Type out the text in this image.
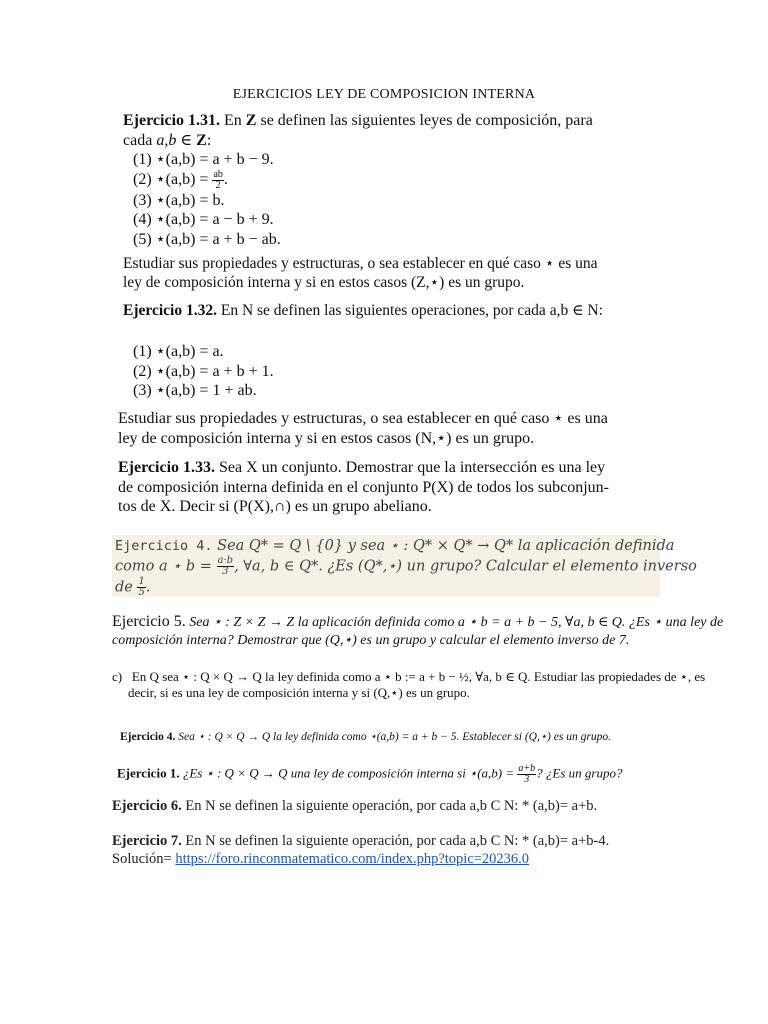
EJERCICIOS LEY DE COMPOSICION INTERNA
Ejercicio 1.31. En Z se definen las siguientes leyes de composición, para
cada a,b ∈ Z:
(1) ⋆(a,b) = a + b − 9.
(2) ⋆(a,b) = $\frac{ab}{2}$ .
(3) ⋆(a,b) = b.
(4) ⋆(a,b) = a − b + 9.
(5) ⋆(a,b) = a + b − ab.
Estudiar sus propiedades y estructuras, o sea establecer en qué caso ⋆ es una
ley de composición interna y si en estos casos (Z,⋆) es un grupo.
Ejercicio 1.32. En N se definen las siguientes operaciones, por cada a,b ∈ N:
(1) ⋆(a,b) = a.
(2) ⋆(a,b) = a + b + 1.
(3) ⋆(a,b) = 1 + ab.
Estudiar sus propiedades y estructuras, o sea establecer en qué caso ⋆ es una
ley de composición interna y si en estos casos (N,⋆) es un grupo.
Ejercicio 1.33. Sea X un conjunto. Demostrar que la intersección es una ley
de composición interna definida en el conjunto P(X) de todos los subconjun-
tos de X. Decir si (P(X),∩) es un grupo abeliano.
Ejercicio 4. Sea Q* = Q \ {0} y sea ⋆ : Q* × Q* → Q* la aplicación definida
como a ⋆ $b = \frac{a\cdot b}{3}$ , ∀a, b ∈ Q*. ¿Es (Q*,⋆) un grupo? Calcular el elemento inverso
de $\frac{1}{5}$ .
Ejercicio 5. Sea ⋆ : Z × Z → Z la aplicación definida como a ⋆ b = a + b − 5, ∀a, b ∈ Q. ¿Es ⋆ una ley de
composición interna? Demostrar que (Q,⋆) es un grupo y calcular el elemento inverso de 7.
c) En Q sea ⋆ : Q × Q → Q la ley definida como a ⋆ b := a + b − ½, ∀a, b ∈ Q. Estudiar las propiedades de ⋆, es
decir, si es una ley de composición interna y si (Q,⋆) es un grupo.
Ejercicio 4. Sea ⋆ : Q × Q → Q la ley definida como ⋆(a,b) = a + b − 5. Establecer si (Q,⋆) es un grupo.
Ejercicio 1. ¿Es ⋆ : Q × Q → Q una ley de composición interna si ⋆(a,b) = $\frac{a+b}{3}$ ? ¿Es un grupo?
Ejercicio 6. En N se definen la siguiente operación, por cada a,b C N: * (a,b)= a+b.
Ejercicio 7. En N se definen la siguiente operación, por cada a,b C N: * (a,b)= a+b-4.
Solución= https://foro.rinconmatematico.com/index.php?topic=20236.0
